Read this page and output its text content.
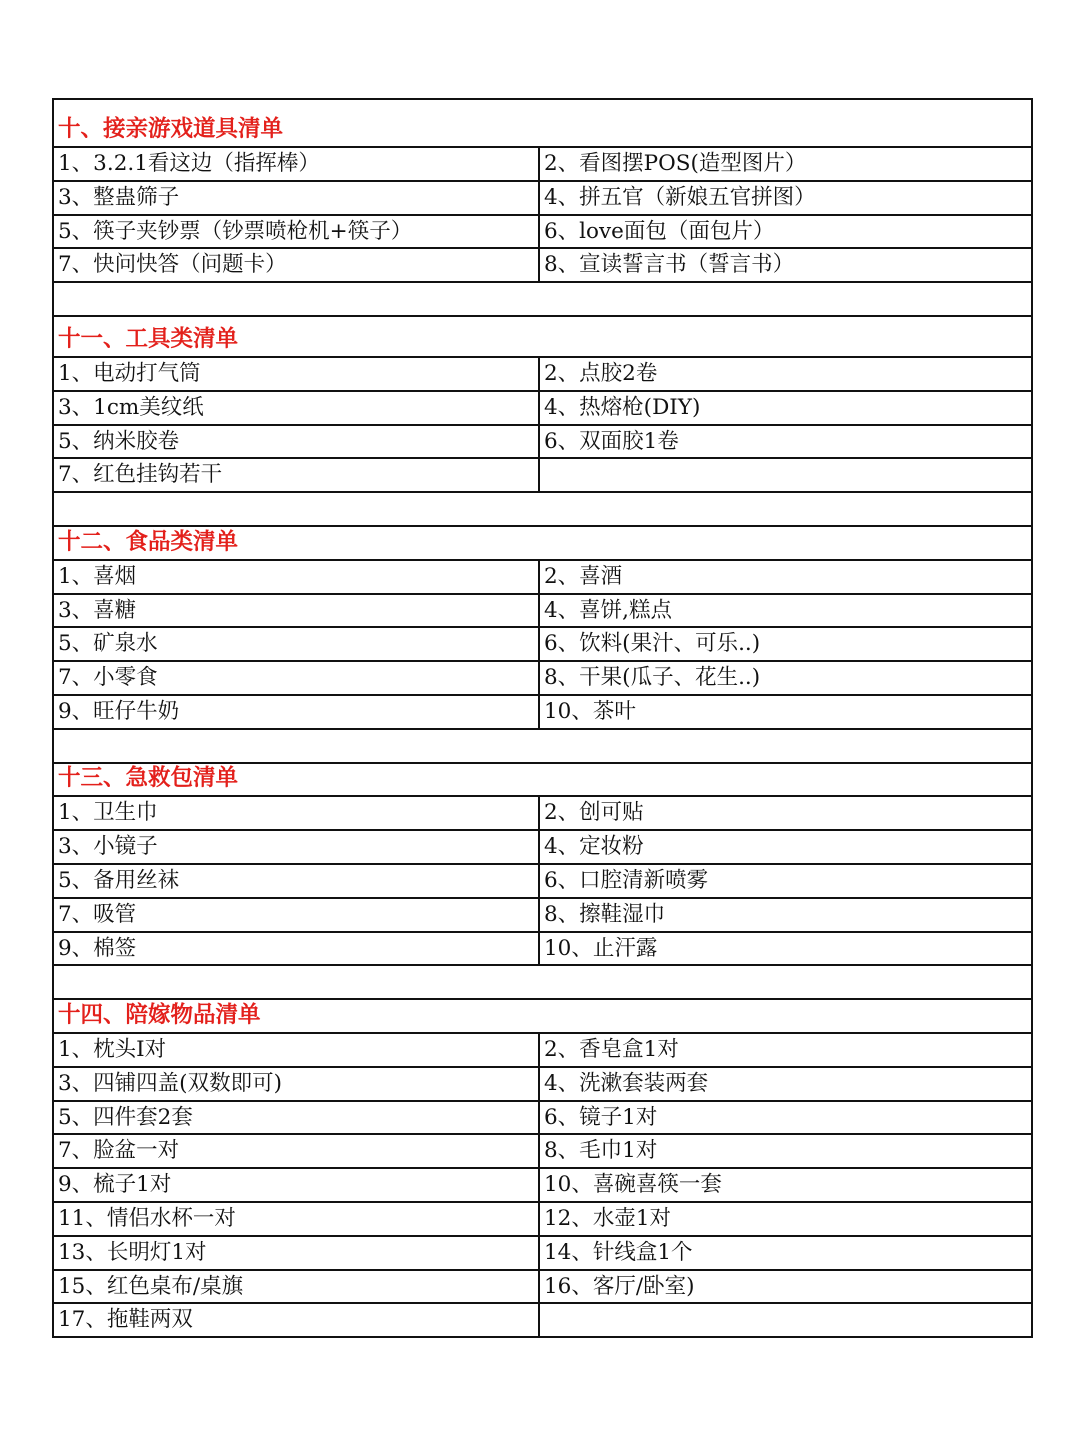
十、接亲游戏道具清单
1、3.2.1看这边（指挥棒）	2、看图摆POS(造型图片）
3、整蛊筛子	4、拼五官（新娘五官拼图）
5、筷子夹钞票（钞票喷枪机+筷子）	6、love面包（面包片）
7、快问快答（问题卡）	8、宣读誓言书（誓言书）
十一、工具类清单
1、电动打气筒	2、点胶2卷
3、1cm美纹纸	4、热熔枪(DIY)
5、纳米胶卷	6、双面胶1卷
7、红色挂钩若干
十二、食品类清单
1、喜烟	2、喜酒
3、喜糖	4、喜饼,糕点
5、矿泉水	6、饮料(果汁、可乐..)
7、小零食	8、干果(瓜子、花生..)
9、旺仔牛奶	10、茶叶
十三、急救包清单
1、卫生巾	2、创可贴
3、小镜子	4、定妆粉
5、备用丝袜	6、口腔清新喷雾
7、吸管	8、擦鞋湿巾
9、棉签	10、止汗露
十四、陪嫁物品清单
1、枕头I对	2、香皂盒1对
3、四铺四盖(双数即可)	4、洗漱套装两套
5、四件套2套	6、镜子1对
7、脸盆一对	8、毛巾1对
9、梳子1对	10、喜碗喜筷一套
11、情侣水杯一对	12、水壶1对
13、长明灯1对	14、针线盒1个
15、红色桌布/桌旗	16、客厅/卧室)
17、拖鞋两双
